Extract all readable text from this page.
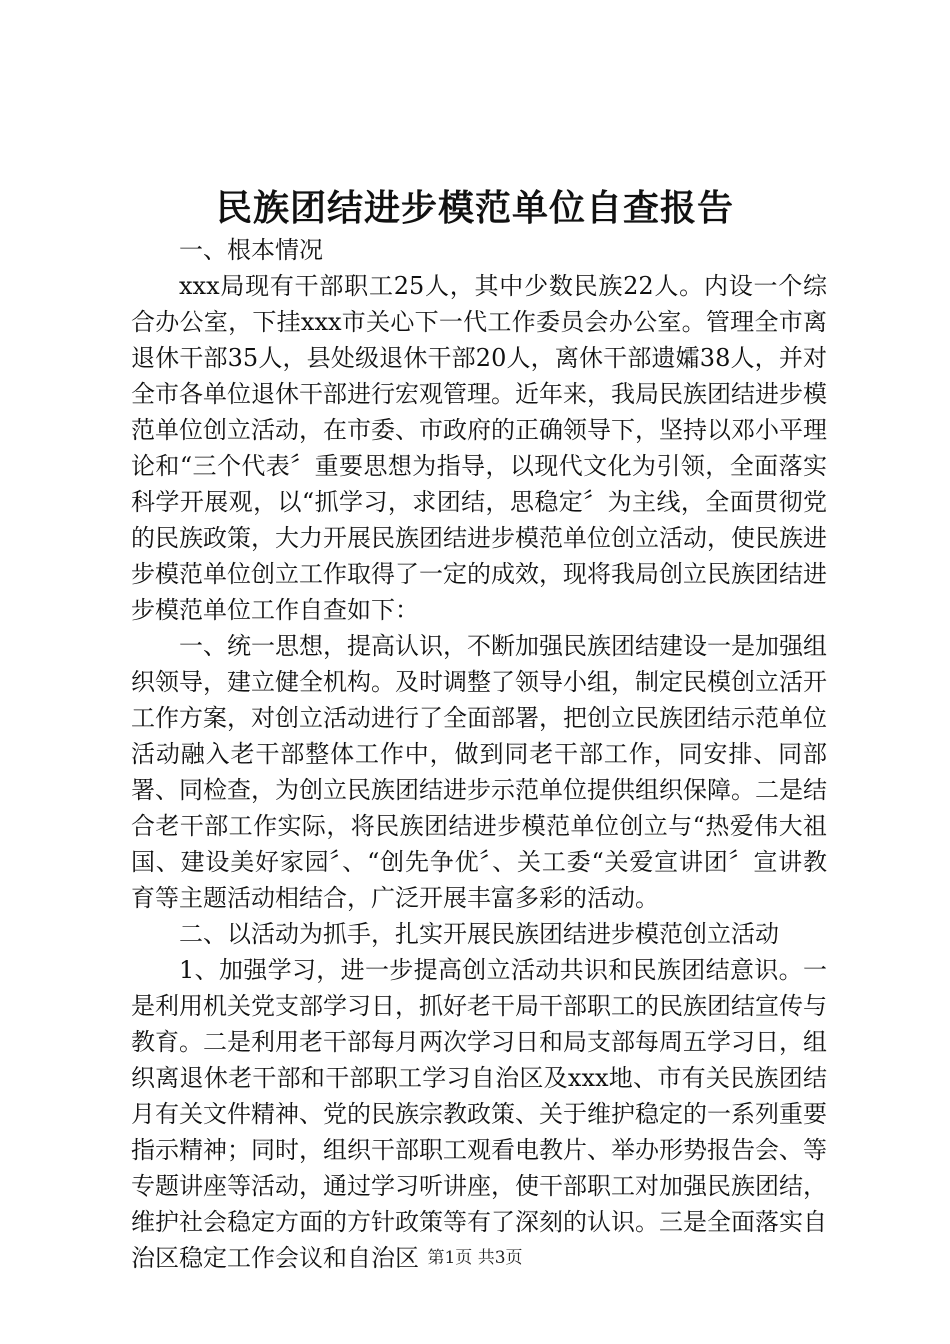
民族团结进步模范单位自查报告

一、根本情况

xxx局现有干部职工25人，其中少数民族22人。内设一个综合办公室，下挂xxx市关心下一代工作委员会办公室。管理全市离退休干部35人，县处级退休干部20人，离休干部遗孀38人，并对全市各单位退休干部进行宏观管理。近年来，我局民族团结进步模范单位创立活动，在市委、市政府的正确领导下，坚持以邓小平理论和“三个代表〞重要思想为指导，以现代文化为引领，全面落实科学开展观，以“抓学习，求团结，思稳定〞为主线，全面贯彻党的民族政策，大力开展民族团结进步模范单位创立活动，使民族进步模范单位创立工作取得了一定的成效，现将我局创立民族团结进步模范单位工作自查如下：

一、统一思想，提高认识，不断加强民族团结建设一是加强组织领导，建立健全机构。及时调整了领导小组，制定民模创立活开工作方案，对创立活动进行了全面部署，把创立民族团结示范单位活动融入老干部整体工作中，做到同老干部工作，同安排、同部署、同检查，为创立民族团结进步示范单位提供组织保障。二是结合老干部工作实际，将民族团结进步模范单位创立与“热爱伟大祖国、建设美好家园〞、“创先争优〞、关工委“关爱宣讲团〞宣讲教育等主题活动相结合，广泛开展丰富多彩的活动。

二、以活动为抓手，扎实开展民族团结进步模范创立活动

1、加强学习，进一步提高创立活动共识和民族团结意识。一是利用机关党支部学习日，抓好老干局干部职工的民族团结宣传与教育。二是利用老干部每月两次学习日和局支部每周五学习日，组织离退休老干部和干部职工学习自治区及xxx地、市有关民族团结月有关文件精神、党的民族宗教政策、关于维护稳定的一系列重要指示精神；同时，组织干部职工观看电教片、举办形势报告会、等专题讲座等活动，通过学习听讲座，使干部职工对加强民族团结，维护社会稳定方面的方针政策等有了深刻的认识。三是全面落实自治区稳定工作会议和自治区 第1页 共3页
